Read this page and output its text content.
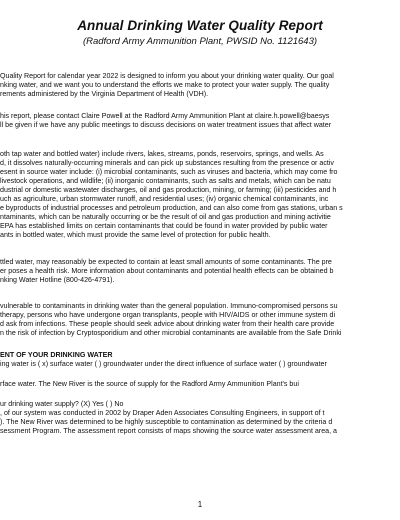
Annual Drinking Water Quality Report
(Radford Army Ammunition Plant, PWSID No. 1121643)
Quality Report for calendar year 2022 is designed to inform you about your drinking water quality. Our goal
nking water, and we want you to understand the efforts we make to protect your water supply. The quality
rements administered by the Virginia Department of Health (VDH).
his report, please contact Claire Powell at the Radford Army Ammunition Plant at claire.h.powell@baesys
ll be given if we have any public meetings to discuss decisions on water treatment issues that affect water
oth tap water and bottled water) include rivers, lakes, streams, ponds, reservoirs, springs, and wells. As
d, it dissolves naturally-occurring minerals and can pick up substances resulting from the presence or activ
esent in source water include: (i) microbial contaminants, such as viruses and bacteria, which may come fro
livestock operations, and wildlife; (ii) inorganic contaminants, such as salts and metals, which can be natu
dustrial or domestic wastewater discharges, oil and gas production, mining, or farming; (iii) pesticides and h
uch as agriculture, urban stormwater runoff, and residential uses; (iv) organic chemical contaminants, inc
e byproducts of industrial processes and petroleum production, and can also come from gas stations, urban s
ntaminants, which can be naturally occurring or be the result of oil and gas production and mining activitie
EPA has established limits on certain contaminants that could be found in water provided by public water
ants in bottled water, which must provide the same level of protection for public health.
ttled water, may reasonably be expected to contain at least small amounts of some contaminants. The pre
er poses a health risk. More information about contaminants and potential health effects can be obtained b
nking Water Hotline (800-426-4791).
vulnerable to contaminants in drinking water than the general population. Immuno-compromised persons su
therapy, persons who have undergone organ transplants, people with HIV/AIDS or other immune system di
d ask from infections. These people should seek advice about drinking water from their health care provide
n the risk of infection by Cryptosporidium and other microbial contaminants are available from the Safe Drinki
ENT OF YOUR DRINKING WATER
ing water is ( x) surface water ( ) groundwater under the direct influence of surface water ( ) groundwater
rface water. The New River is the source of supply for the Radford Army Ammunition Plant's bui
ur drinking water supply? (X) Yes ( ) No
, of our system was conducted in 2002 by Draper Aden Associates Consulting Engineers, in support of t
). The New River was determined to be highly susceptible to contamination as determined by the criteria d
sessment Program. The assessment report consists of maps showing the source water assessment area, a
1
